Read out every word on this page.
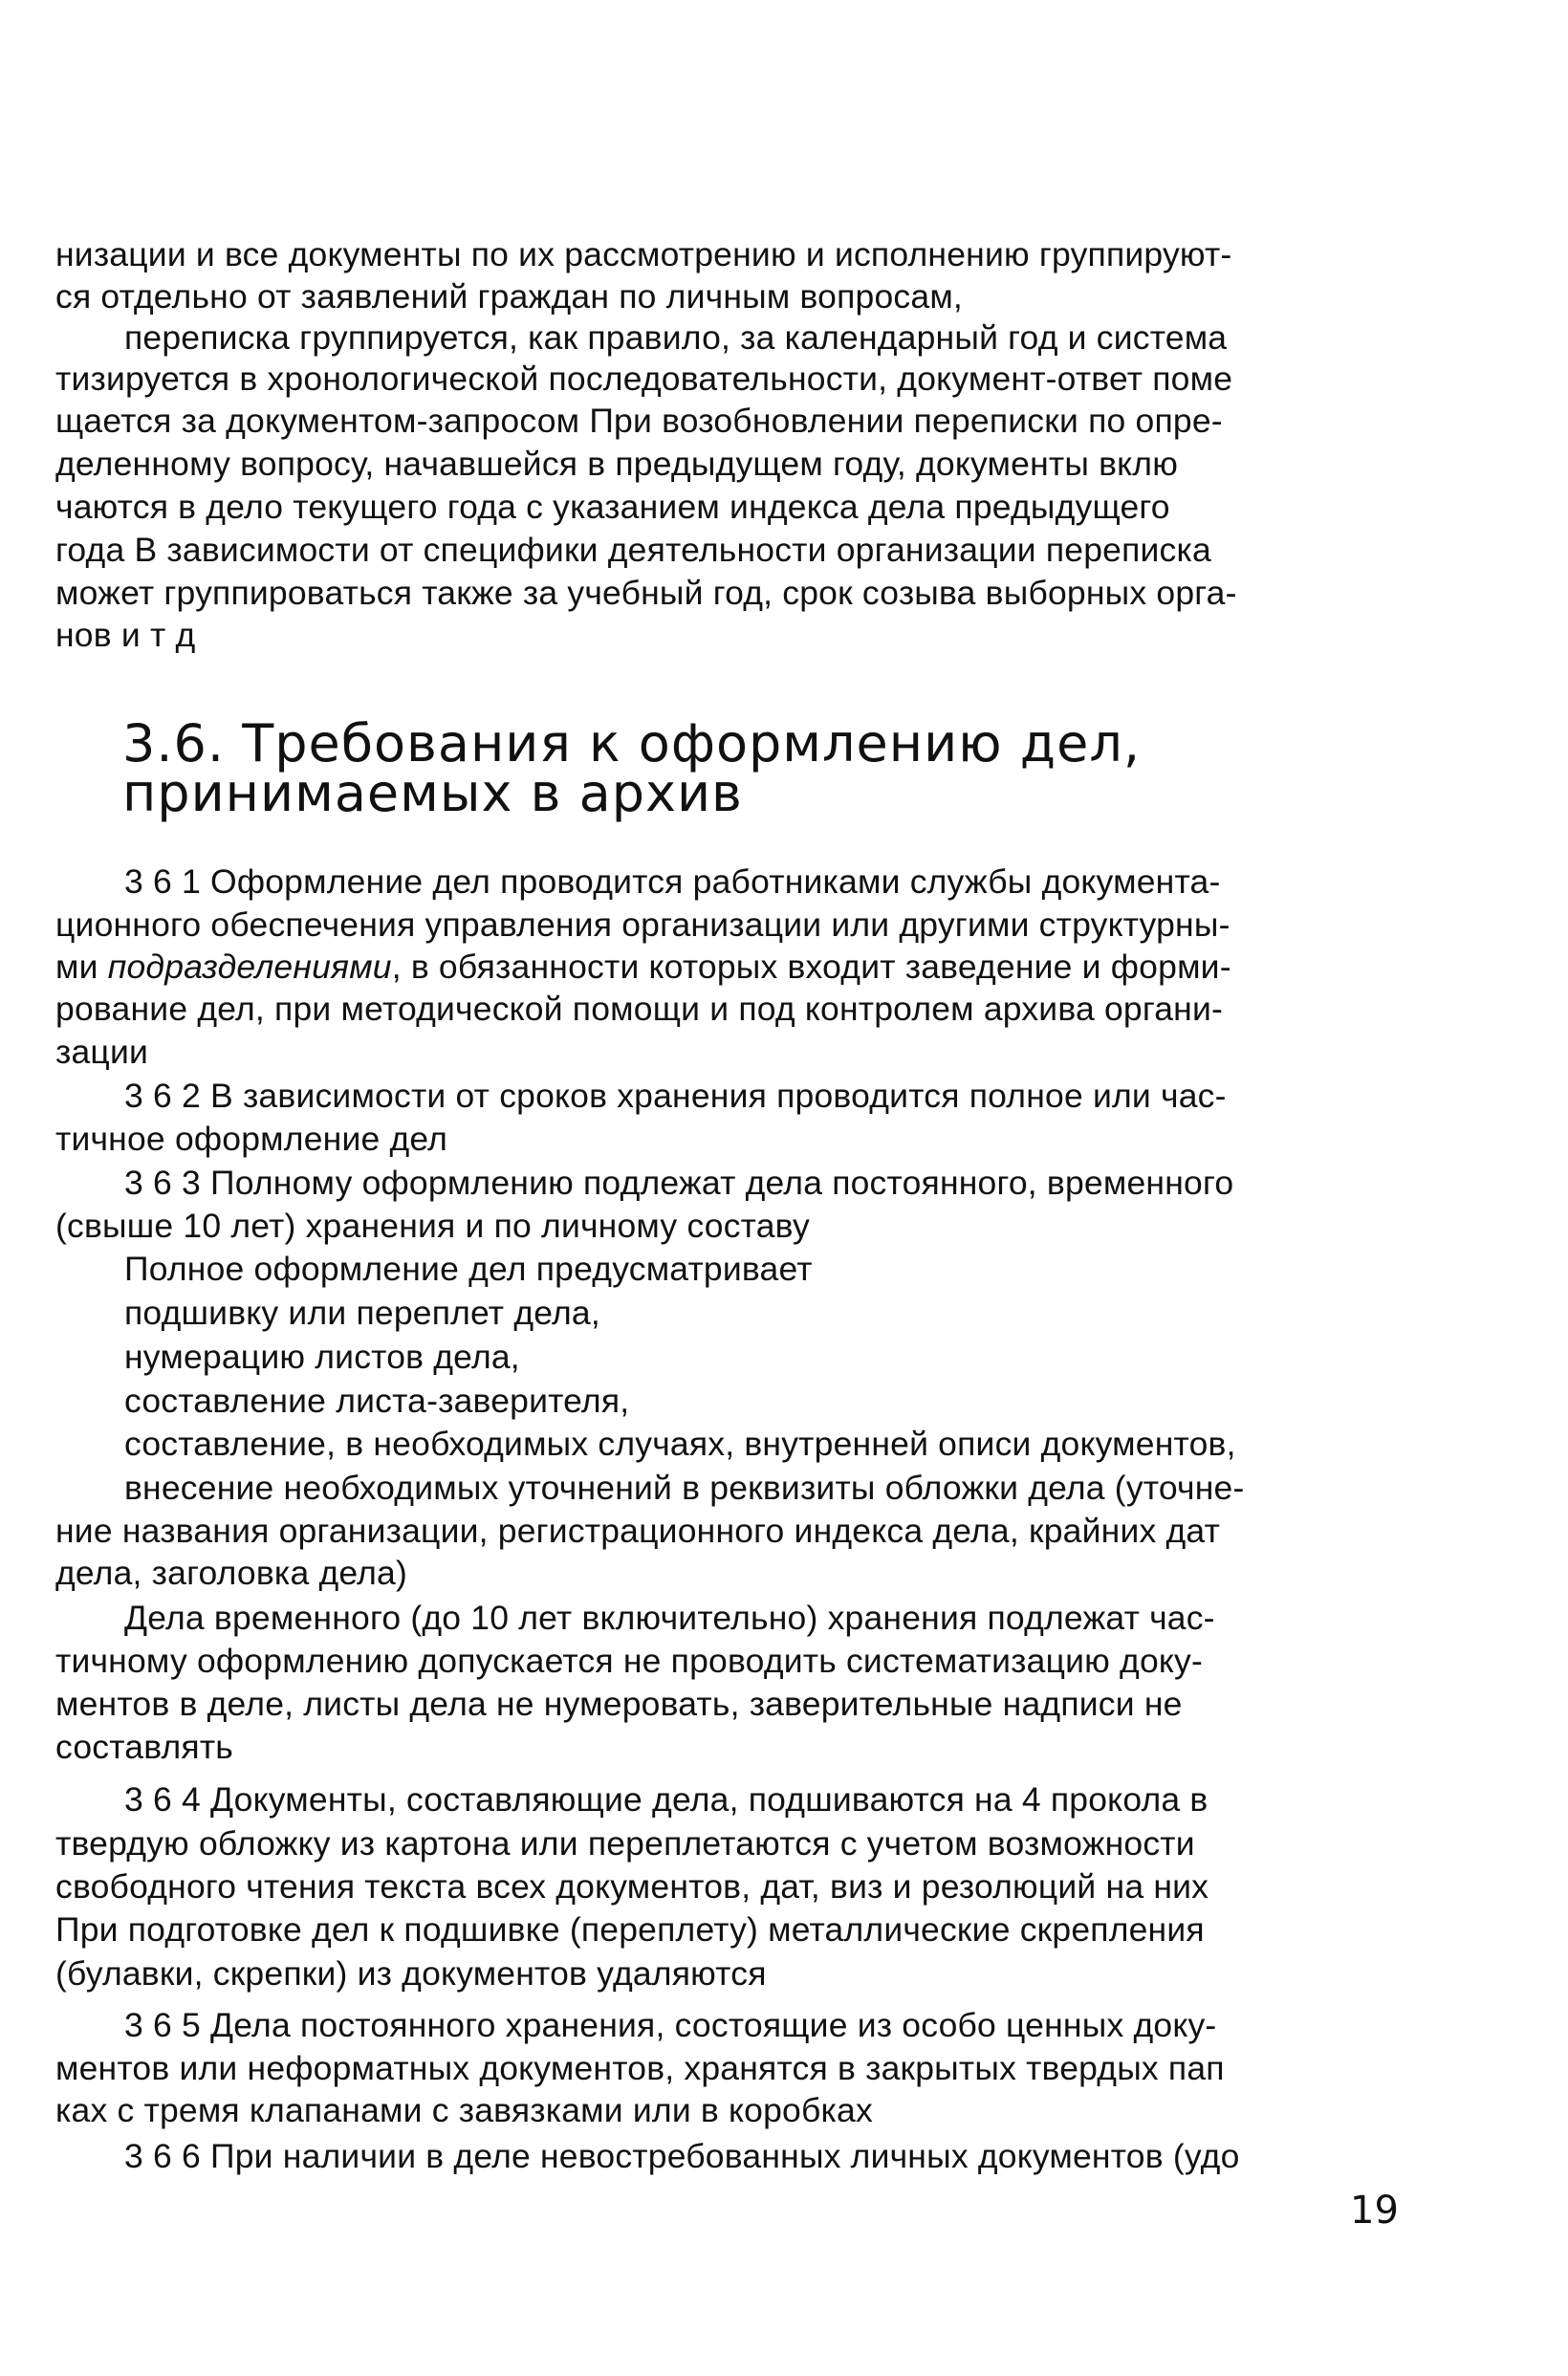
низации и все документы по их рассмотрению и исполнению группируют-
ся отдельно от заявлений граждан по личным вопросам,
переписка группируется, как правило, за календарный год и система
тизируется в хронологической последовательности, документ-ответ поме
щается за документом-запросом При возобновлении переписки по опре-
деленному вопросу, начавшейся в предыдущем году, документы вклю
чаются в дело текущего года с указанием индекса дела предыдущего
года В зависимости от специфики деятельности организации переписка
может группироваться также за учебный год, срок созыва выборных орга-
нов и т д
3.6. Требования к оформлению дел,
принимаемых в архив
3 6 1 Оформление дел проводится работниками службы документа-
ционного обеспечения управления организации или другими структурны-
ми подразделениями, в обязанности которых входит заведение и форми-
рование дел, при методической помощи и под контролем архива органи-
зации
3 6 2 В зависимости от сроков хранения проводится полное или час-
тичное оформление дел
3 6 3 Полному оформлению подлежат дела постоянного, временного
(свыше 10 лет) хранения и по личному составу
Полное оформление дел предусматривает
подшивку или переплет дела,
нумерацию листов дела,
составление листа-заверителя,
составление, в необходимых случаях, внутренней описи документов,
внесение необходимых уточнений в реквизиты обложки дела (уточне-
ние названия организации, регистрационного индекса дела, крайних дат
дела, заголовка дела)
Дела временного (до 10 лет включительно) хранения подлежат час-
тичному оформлению допускается не проводить систематизацию доку-
ментов в деле, листы дела не нумеровать, заверительные надписи не
составлять
3 6 4 Документы, составляющие дела, подшиваются на 4 прокола в
твердую обложку из картона или переплетаются с учетом возможности
свободного чтения текста всех документов, дат, виз и резолюций на них
При подготовке дел к подшивке (переплету) металлические скрепления
(булавки, скрепки) из документов удаляются
3 6 5 Дела постоянного хранения, состоящие из особо ценных доку-
ментов или неформатных документов, хранятся в закрытых твердых пап
ках с тремя клапанами с завязками или в коробках
3 6 6 При наличии в деле невостребованных личных документов (удо
19
